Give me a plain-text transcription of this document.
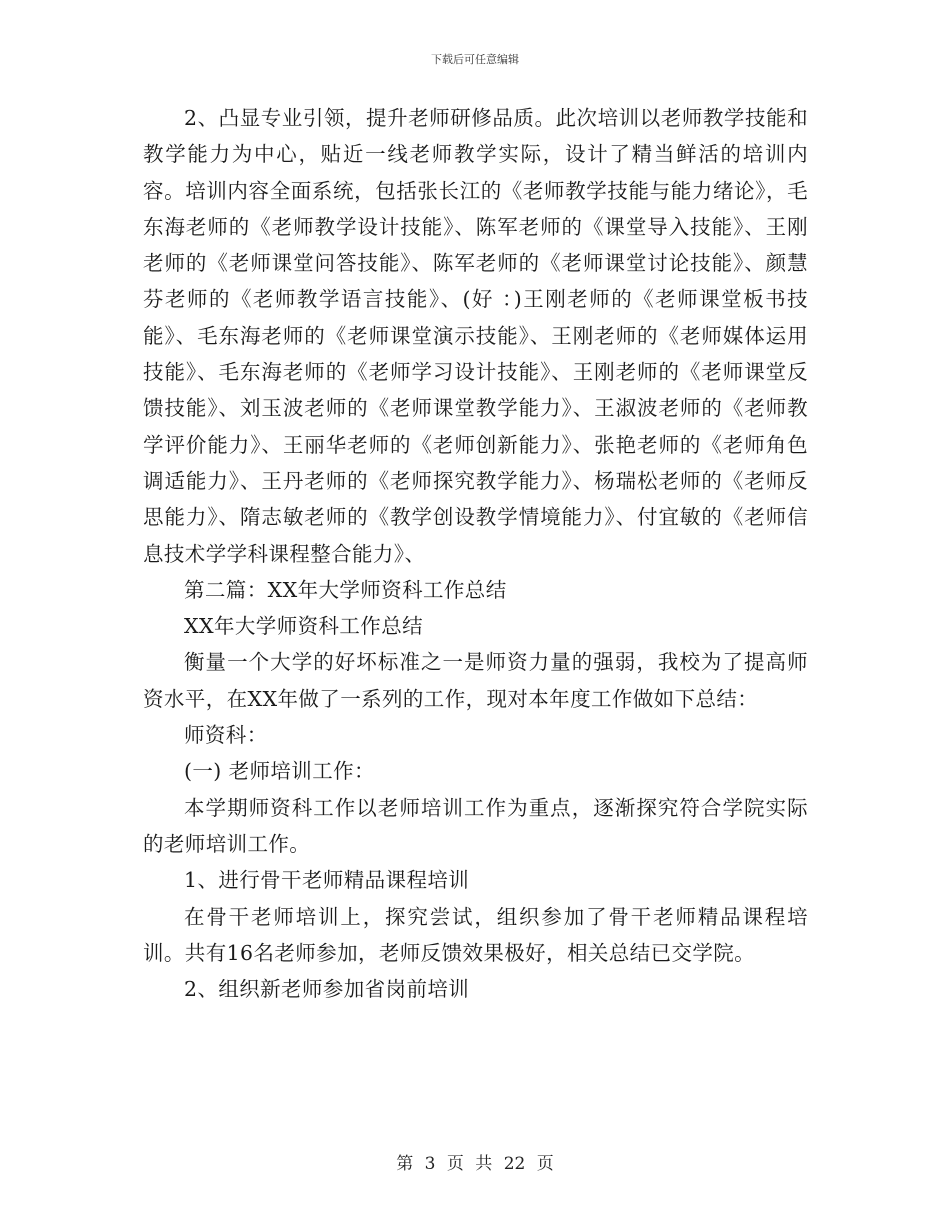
下载后可任意编辑

2、凸显专业引领，提升老师研修品质。此次培训以老师教学技能和教学能力为中心，贴近一线老师教学实际，设计了精当鲜活的培训内容。培训内容全面系统，包括张长江的《老师教学技能与能力绪论》，毛东海老师的《老师教学设计技能》、陈军老师的《课堂导入技能》、王刚老师的《老师课堂问答技能》、陈军老师的《老师课堂讨论技能》、颜慧芬老师的《老师教学语言技能》、(好 ：)王刚老师的《老师课堂板书技能》、毛东海老师的《老师课堂演示技能》、王刚老师的《老师媒体运用技能》、毛东海老师的《老师学习设计技能》、王刚老师的《老师课堂反馈技能》、刘玉波老师的《老师课堂教学能力》、王淑波老师的《老师教学评价能力》、王丽华老师的《老师创新能力》、张艳老师的《老师角色调适能力》、王丹老师的《老师探究教学能力》、杨瑞松老师的《老师反思能力》、隋志敏老师的《教学创设教学情境能力》、付宜敏的《老师信息技术学学科课程整合能力》、

第二篇：XX年大学师资科工作总结

XX年大学师资科工作总结

衡量一个大学的好坏标准之一是师资力量的强弱，我校为了提高师资水平，在XX年做了一系列的工作，现对本年度工作做如下总结：

师资科：

(一) 老师培训工作：

本学期师资科工作以老师培训工作为重点，逐渐探究符合学院实际的老师培训工作。

1、进行骨干老师精品课程培训

在骨干老师培训上，探究尝试，组织参加了骨干老师精品课程培训。共有16名老师参加，老师反馈效果极好，相关总结已交学院。

2、组织新老师参加省岗前培训

第 3 页 共 22 页
